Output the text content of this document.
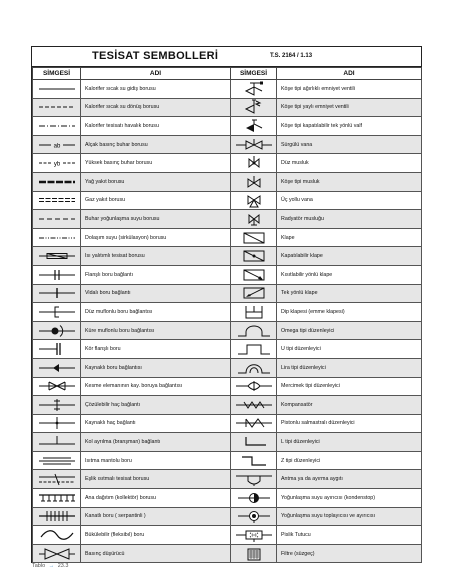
TESİSAT SEMBOLLERİ	T.S. 2164 / 1.13
SİMGESİ	ADI	SİMGESİ	ADI

	Kalorifer sıcak su gidiş borusu		Köşe tipi ağırlıklı emniyet ventili

	Kalorifer sıcak su dönüş borusu		Köşe tipi yaylı emniyet ventili

	Kalorifer tesisatı havalık borusu		Köşe tipi kapatılabilir tek yönlü valf

ab	Alçak basınç buhar borusu		Sürgülü vana

yb	Yüksek basınç buhar borusu		Düz musluk

	Yağ yakıt borusu		Köşe tipi musluk

	Gaz yakıt borusu		Üç yollu vana

	Buhar yoğunlaşma suyu borusu		Radyatör musluğu

	Dolaşım suyu (sirkülasyon) borusu		Klape

	Isı yalıtımlı tesisat borusu		Kapatılabilir klape

	Flanşlı boru bağlantı		Kısıtlabilir yönlü klape

	Vidalı boru bağlantı		Tek yönlü klape

	Düz muflonlu boru bağlantısı		Dip klapesi (emme klapesi)

	Küre muflonlu boru bağlantısı		Omega tipi düzenleyici

	Kör flanşlı boru		U tipi düzenleyici

	Kaynaklı boru bağlantısı		Lira tipi düzenleyici

	Kesme elemanının kay. boruya bağlantısı		Mercimek tipi düzenleyici

	Çözülebilir haç bağlantı		Kompansatör

	Kaynaklı haç bağlantı		Pistonlu salmastralı düzenleyici

	Kol ayrılma (branşman) bağlantı		L tipi düzenleyici

	Isıtma mantolu boru		Z tipi düzenleyici

	Eşlik ısıtmalı tesisat borusu		Antma ya da ayırma aygıtı

	Ana dağıtım (kollektör) borusu		Yoğunlaşma suyu ayırıcısı (kondenstop)

	Kanatlı boru ( serpantinli )		Yoğunlaşma suyu toplayıcısı ve ayırıcısı

	Bükülebilir (fleksibıl) boru		Pislik Tutucu

	Basınç düşürücü		Filtre (süzgeç)
Tablo → 23.3
